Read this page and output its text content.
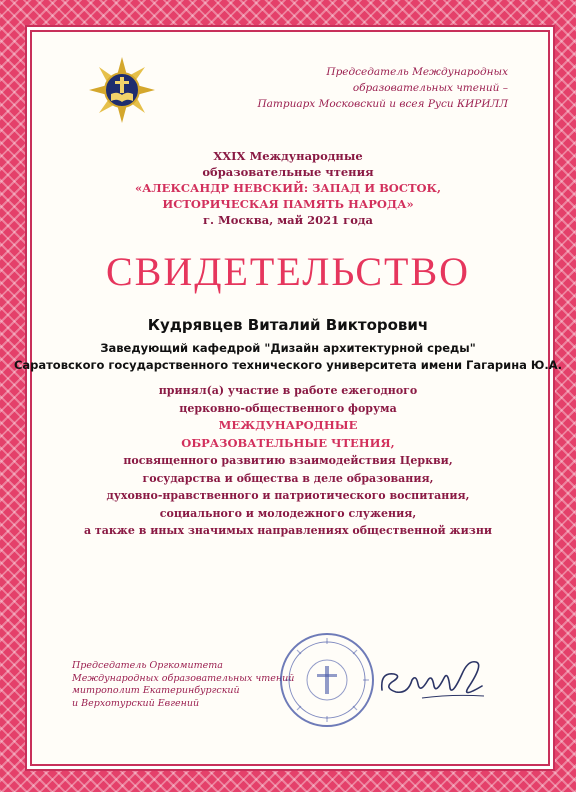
Председатель Международных
образовательных чтений –
Патриарх Московский и всея Руси КИРИЛЛ
XXIX Международные
образовательные чтения
«АЛЕКСАНДР НЕВСКИЙ: ЗАПАД И ВОСТОК,
ИСТОРИЧЕСКАЯ ПАМЯТЬ НАРОДА»
г. Москва, май 2021 года
СВИДЕТЕЛЬСТВО
Кудрявцев Виталий Викторович
Заведующий кафедрой "Дизайн архитектурной среды"
Саратовского государственного технического университета имени Гагарина Ю.А.
принял(а) участие в работе ежегодного
церковно-общественного форума
МЕЖДУНАРОДНЫЕ
ОБРАЗОВАТЕЛЬНЫЕ ЧТЕНИЯ,
посвященного развитию взаимодействия Церкви,
государства и общества в деле образования,
духовно-нравственного и патриотического воспитания,
социального и молодежного служения,
а также в иных значимых направлениях общественной жизни
Председатель Оргкомитета
Международных образовательных чтений
митрополит Екатеринбургский
и Верхотурский Евгений
